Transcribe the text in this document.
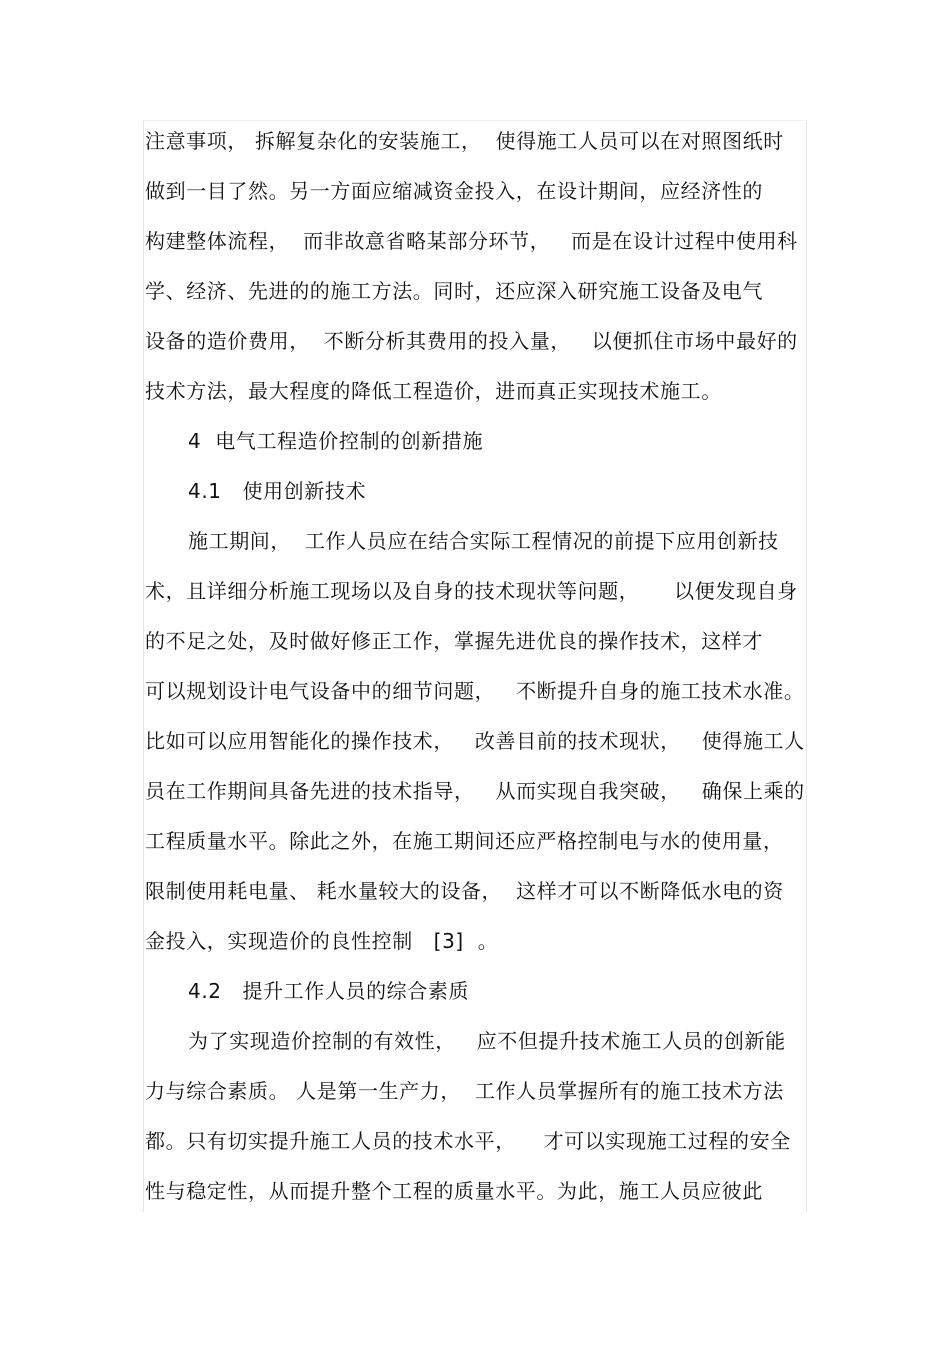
注意事项， 拆解复杂化的安装施工，  使得施工人员可以在对照图纸时
做到一目了然。另一方面应缩减资金投入，在设计期间，应经济性的
构建整体流程，  而非故意省略某部分环节，   而是在设计过程中使用科
学、经济、先进的的施工方法。同时，还应深入研究施工设备及电气
设备的造价费用，  不断分析其费用的投入量，   以便抓住市场中最好的
技术方法，最大程度的降低工程造价，进而真正实现技术施工。
4  电气工程造价控制的创新措施
4.1   使用创新技术
施工期间，  工作人员应在结合实际工程情况的前提下应用创新技
术，且详细分析施工现场以及自身的技术现状等问题，     以便发现自身
的不足之处，及时做好修正工作，掌握先进优良的操作技术，这样才
可以规划设计电气设备中的细节问题，   不断提升自身的施工技术水准。
比如可以应用智能化的操作技术，   改善目前的技术现状，   使得施工人
员在工作期间具备先进的技术指导，   从而实现自我突破，   确保上乘的
工程质量水平。除此之外，在施工期间还应严格控制电与水的使用量，
限制使用耗电量、 耗水量较大的设备，  这样才可以不断降低水电的资
金投入，实现造价的良性控制   [3]  。
4.2   提升工作人员的综合素质
为了实现造价控制的有效性，   应不但提升技术施工人员的创新能
力与综合素质。 人是第一生产力，  工作人员掌握所有的施工技术方法
都。只有切实提升施工人员的技术水平，    才可以实现施工过程的安全
性与稳定性，从而提升整个工程的质量水平。为此，施工人员应彼此
